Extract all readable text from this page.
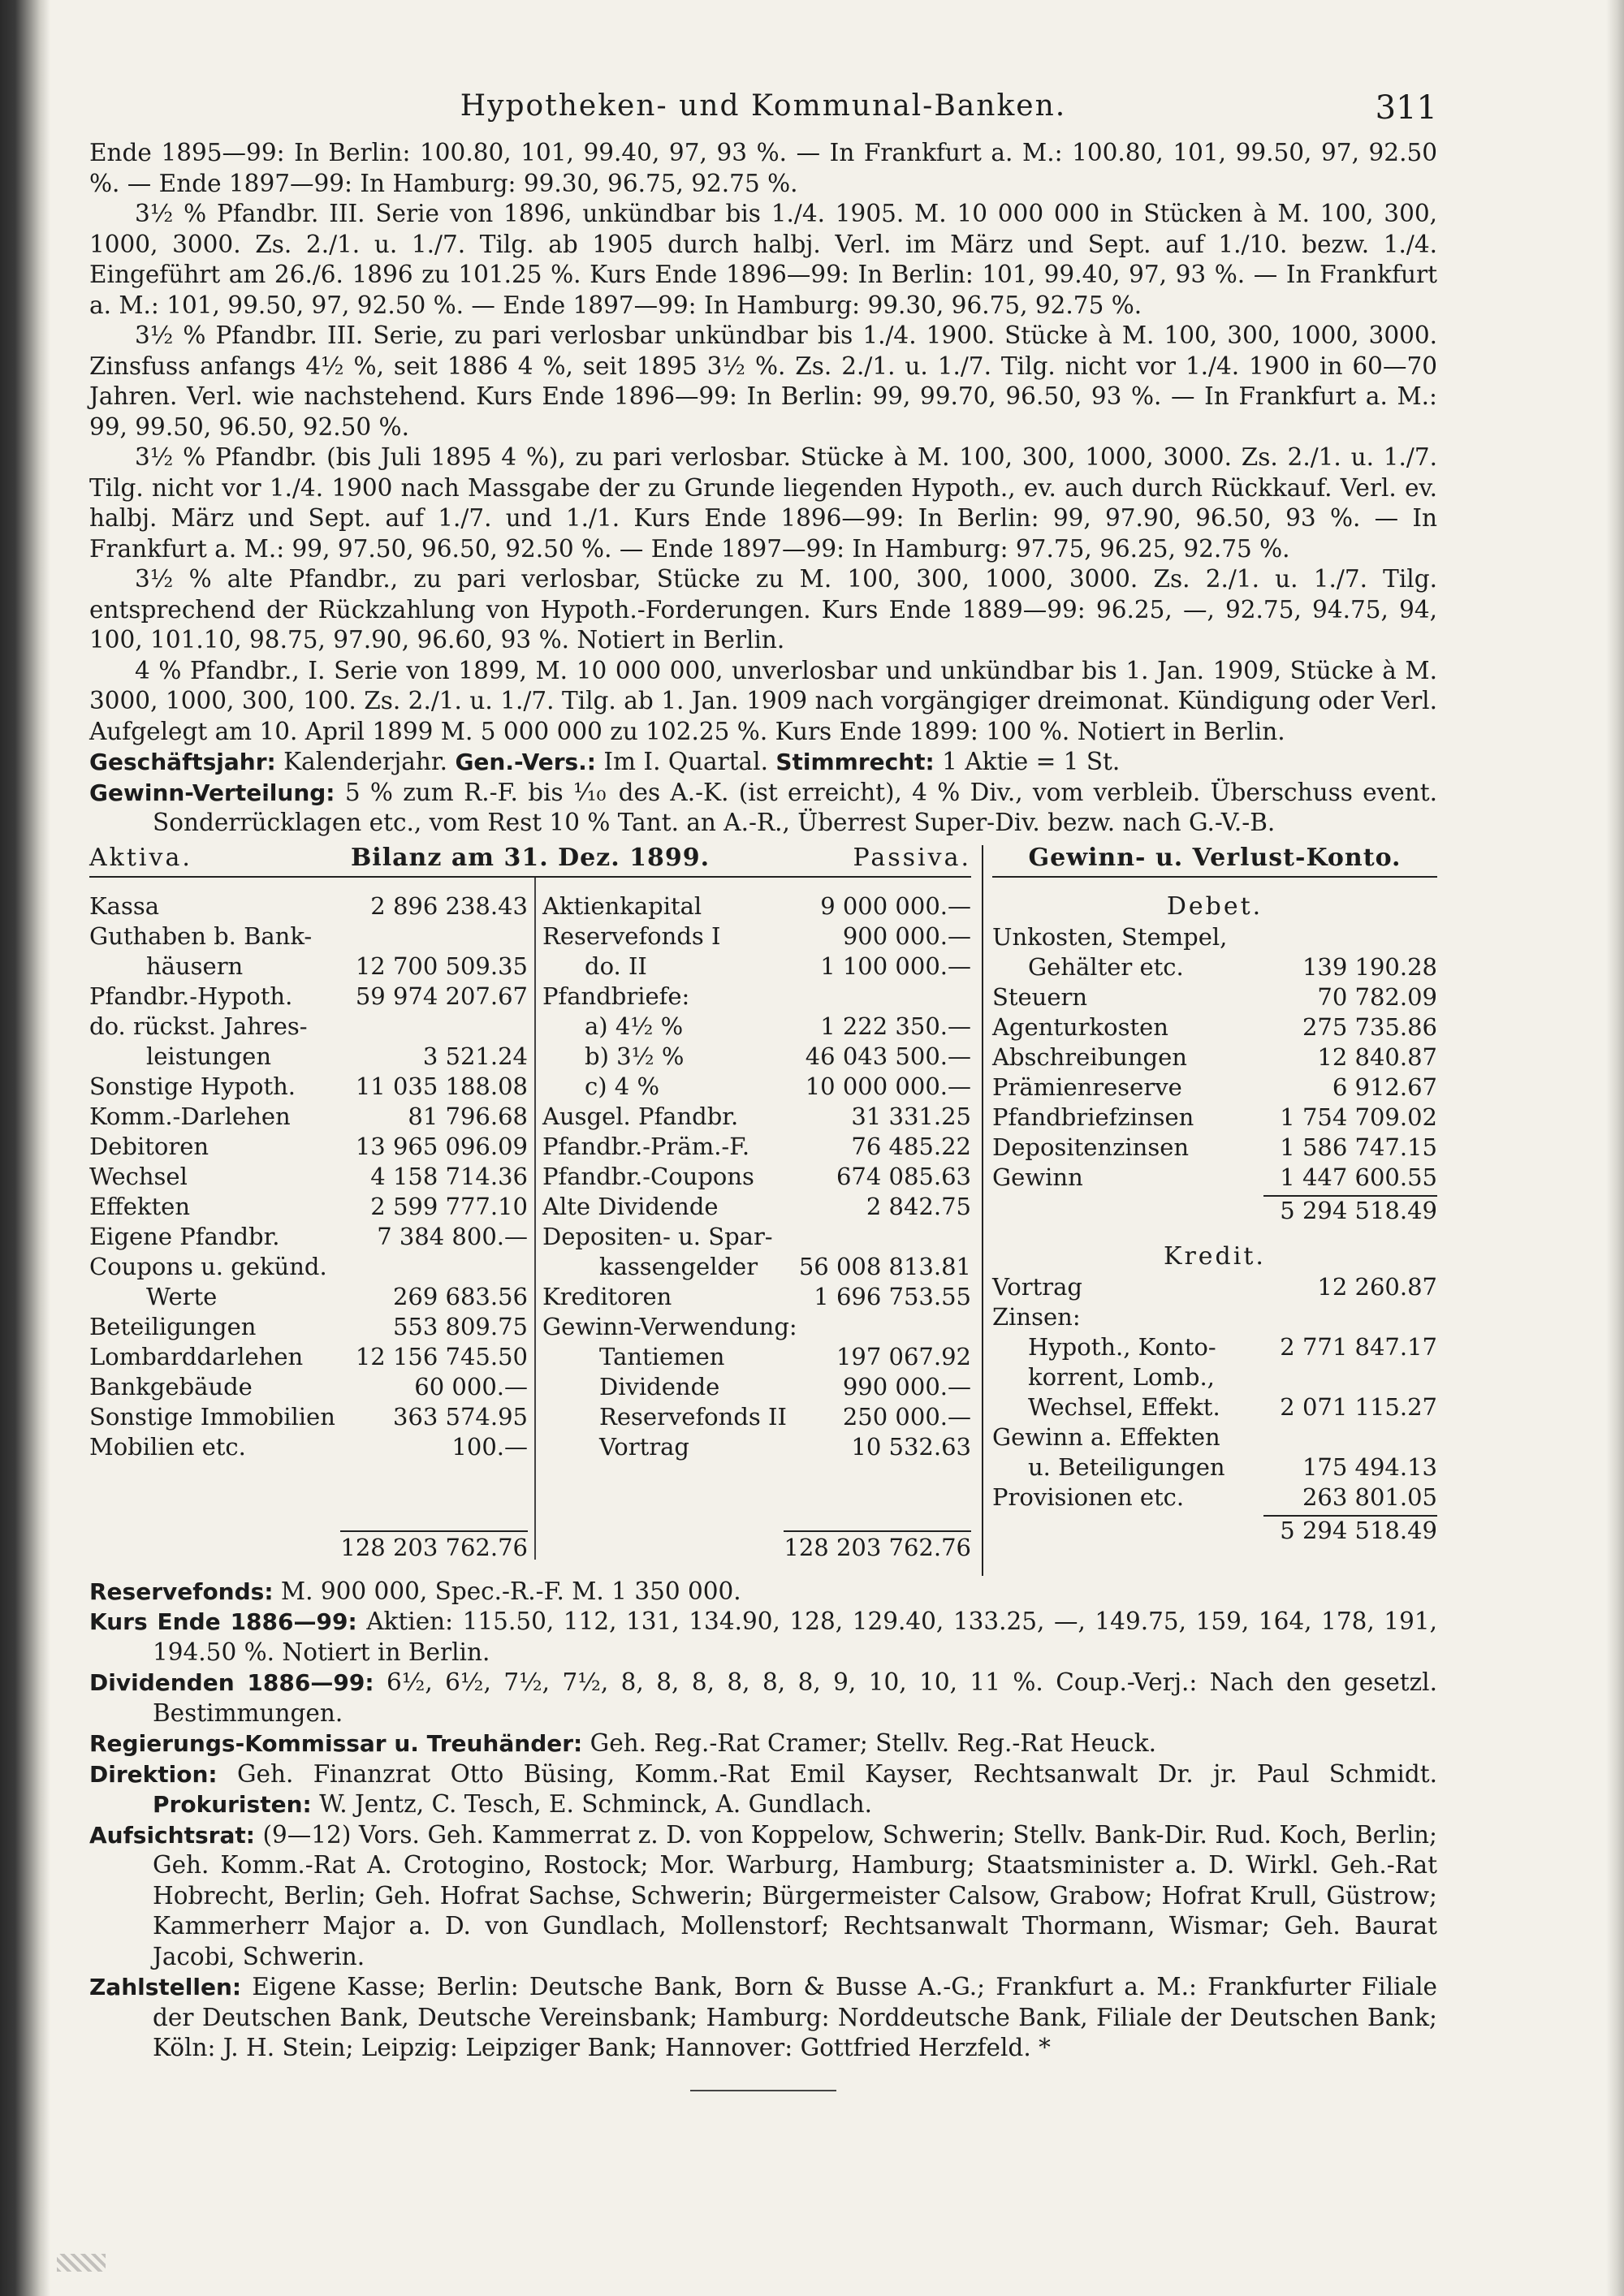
Hypotheken- und Kommunal-Banken.	311

Ende 1895—99: In Berlin: 100.80, 101, 99.40, 97, 93 %. — In Frankfurt a. M.: 100.80, 101, 99.50, 97, 92.50 %. — Ende 1897—99: In Hamburg: 99.30, 96.75, 92.75 %.

3½ % Pfandbr. III. Serie von 1896, unkündbar bis 1./4. 1905. M. 10 000 000 in Stücken à M. 100, 300, 1000, 3000. Zs. 2./1. u. 1./7. Tilg. ab 1905 durch halbj. Verl. im März und Sept. auf 1./10. bezw. 1./4. Eingeführt am 26./6. 1896 zu 101.25 %. Kurs Ende 1896—99: In Berlin: 101, 99.40, 97, 93 %. — In Frankfurt a. M.: 101, 99.50, 97, 92.50 %. — Ende 1897—99: In Hamburg: 99.30, 96.75, 92.75 %.

3½ % Pfandbr. III. Serie, zu pari verlosbar unkündbar bis 1./4. 1900. Stücke à M. 100, 300, 1000, 3000. Zinsfuss anfangs 4½ %, seit 1886 4 %, seit 1895 3½ %. Zs. 2./1. u. 1./7. Tilg. nicht vor 1./4. 1900 in 60—70 Jahren. Verl. wie nachstehend. Kurs Ende 1896—99: In Berlin: 99, 99.70, 96.50, 93 %. — In Frankfurt a. M.: 99, 99.50, 96.50, 92.50 %.

3½ % Pfandbr. (bis Juli 1895 4 %), zu pari verlosbar. Stücke à M. 100, 300, 1000, 3000. Zs. 2./1. u. 1./7. Tilg. nicht vor 1./4. 1900 nach Massgabe der zu Grunde liegenden Hypoth., ev. auch durch Rückkauf. Verl. ev. halbj. März und Sept. auf 1./7. und 1./1. Kurs Ende 1896—99: In Berlin: 99, 97.90, 96.50, 93 %. — In Frankfurt a. M.: 99, 97.50, 96.50, 92.50 %. — Ende 1897—99: In Hamburg: 97.75, 96.25, 92.75 %.

3½ % alte Pfandbr., zu pari verlosbar, Stücke zu M. 100, 300, 1000, 3000. Zs. 2./1. u. 1./7. Tilg. entsprechend der Rückzahlung von Hypoth.-Forderungen. Kurs Ende 1889—99: 96.25, —, 92.75, 94.75, 94, 100, 101.10, 98.75, 97.90, 96.60, 93 %. Notiert in Berlin.

4 % Pfandbr., I. Serie von 1899, M. 10 000 000, unverlosbar und unkündbar bis 1. Jan. 1909, Stücke à M. 3000, 1000, 300, 100. Zs. 2./1. u. 1./7. Tilg. ab 1. Jan. 1909 nach vorgängiger dreimonat. Kündigung oder Verl. Aufgelegt am 10. April 1899 M. 5 000 000 zu 102.25 %. Kurs Ende 1899: 100 %. Notiert in Berlin.

Geschäftsjahr: Kalenderjahr. Gen.-Vers.: Im I. Quartal. Stimmrecht: 1 Aktie = 1 St.

Gewinn-Verteilung: 5 % zum R.-F. bis ⅒ des A.-K. (ist erreicht), 4 % Div., vom verbleib. Überschuss event. Sonderrücklagen etc., vom Rest 10 % Tant. an A.-R., Überrest Super-Div. bezw. nach G.-V.-B.

Aktiva.	Bilanz am 31. Dez. 1899.	Passiva.
Kassa	2 896 238.43
Guthaben b. Bank-
häusern	12 700 509.35
Pfandbr.-Hypoth.	59 974 207.67
do. rückst. Jahres-
leistungen	3 521.24
Sonstige Hypoth.	11 035 188.08
Komm.-Darlehen	81 796.68
Debitoren	13 965 096.09
Wechsel	4 158 714.36
Effekten	2 599 777.10
Eigene Pfandbr.	7 384 800.—
Coupons u. gekünd.
Werte	269 683.56
Beteiligungen	553 809.75
Lombarddarlehen 12 156 745.50
Bankgebäude	60 000.—
Sonstige Immobilien 363 574.95
Mobilien etc.	100.—
Aktienkapital	9 000 000.—
Reservefonds I	900 000.—
do. II	1 100 000.—
Pfandbriefe:
a) 4½ %	1 222 350.—
b) 3½ %	46 043 500.—
c) 4 %	10 000 000.—
Ausgel. Pfandbr.	31 331.25
Pfandbr.-Präm.-F.	76 485.22
Pfandbr.-Coupons	674 085.63
Alte Dividende	2 842.75
Depositen- u. Spar-
kassengelder 56 008 813.81
Kreditoren	1 696 753.55
Gewinn-Verwendung:
Tantiemen	197 067.92
Dividende	990 000.—
Reservefonds II 250 000.—
Vortrag	10 532.63
128 203 762.76	128 203 762.76
Gewinn- u. Verlust-Konto.
Debet.
Unkosten, Stempel,
Gehälter etc.	139 190.28
Steuern	70 782.09
Agenturkosten	275 735.86
Abschreibungen	12 840.87
Prämienreserve	6 912.67
Pfandbriefzinsen	1 754 709.02
Depositenzinsen	1 586 747.15
Gewinn	1 447 600.55
5 294 518.49
Kredit.
Vortrag	12 260.87
Zinsen:
Hypoth., Konto-	2 771 847.17
korrent, Lomb.,
Wechsel, Effekt.	2 071 115.27
Gewinn a. Effekten
u. Beteiligungen	175 494.13
Provisionen etc.	263 801.05
5 294 518.49

Reservefonds: M. 900 000, Spec.-R.-F. M. 1 350 000.

Kurs Ende 1886—99: Aktien: 115.50, 112, 131, 134.90, 128, 129.40, 133.25, —, 149.75, 159, 164, 178, 191, 194.50 %. Notiert in Berlin.

Dividenden 1886—99: 6½, 6½, 7½, 7½, 8, 8, 8, 8, 8, 8, 9, 10, 10, 11 %. Coup.-Verj.: Nach den gesetzl. Bestimmungen.

Regierungs-Kommissar u. Treuhänder: Geh. Reg.-Rat Cramer; Stellv. Reg.-Rat Heuck.

Direktion: Geh. Finanzrat Otto Büsing, Komm.-Rat Emil Kayser, Rechtsanwalt Dr. jr. Paul Schmidt. Prokuristen: W. Jentz, C. Tesch, E. Schminck, A. Gundlach.

Aufsichtsrat: (9—12) Vors. Geh. Kammerrat z. D. von Koppelow, Schwerin; Stellv. Bank-Dir. Rud. Koch, Berlin; Geh. Komm.-Rat A. Crotogino, Rostock; Mor. Warburg, Hamburg; Staatsminister a. D. Wirkl. Geh.-Rat Hobrecht, Berlin; Geh. Hofrat Sachse, Schwerin; Bürgermeister Calsow, Grabow; Hofrat Krull, Güstrow; Kammerherr Major a. D. von Gundlach, Mollenstorf; Rechtsanwalt Thormann, Wismar; Geh. Baurat Jacobi, Schwerin.

Zahlstellen: Eigene Kasse; Berlin: Deutsche Bank, Born & Busse A.-G.; Frankfurt a. M.: Frankfurter Filiale der Deutschen Bank, Deutsche Vereinsbank; Hamburg: Norddeutsche Bank, Filiale der Deutschen Bank; Köln: J. H. Stein; Leipzig: Leipziger Bank; Hannover: Gottfried Herzfeld. *
